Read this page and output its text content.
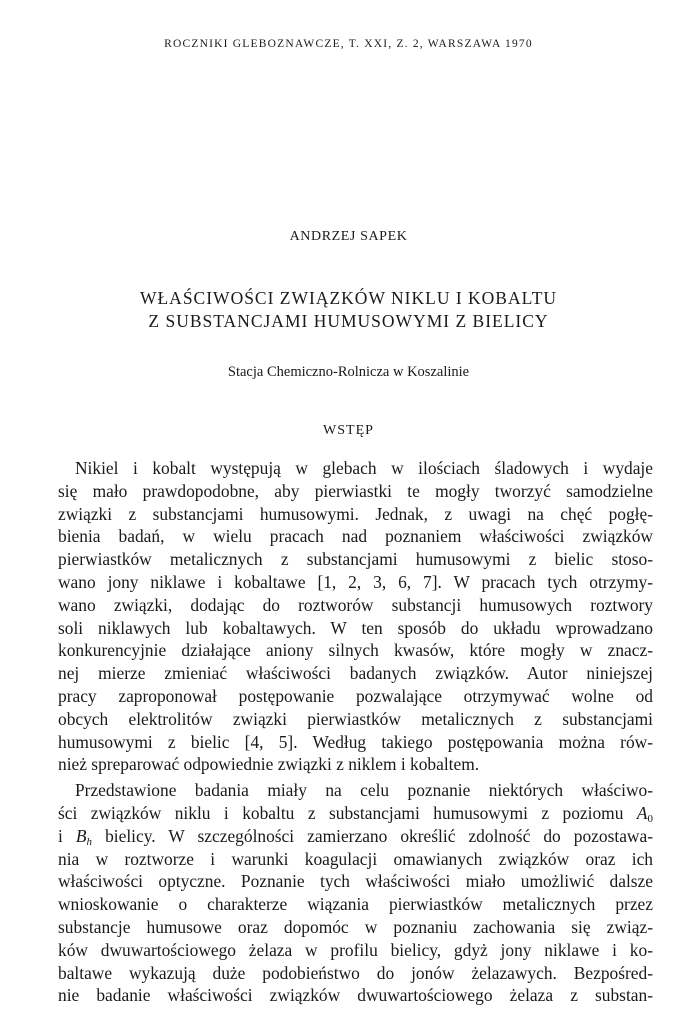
ROCZNIKI GLEBOZNAWCZE, T. XXI, Z. 2, WARSZAWA 1970
ANDRZEJ SAPEK
WŁAŚCIWOŚCI ZWIĄZKÓW NIKLU I KOBALTU
Z SUBSTANCJAMI HUMUSOWYMI Z BIELICY
Stacja Chemiczno-Rolnicza w Koszalinie
WSTĘP
Nikiel i kobalt występują w glebach w ilościach śladowych i wydaje
się mało prawdopodobne, aby pierwiastki te mogły tworzyć samodzielne
związki z substancjami humusowymi. Jednak, z uwagi na chęć pogłę-
bienia badań, w wielu pracach nad poznaniem właściwości związków
pierwiastków metalicznych z substancjami humusowymi z bielic stoso-
wano jony niklawe i kobaltawe [1, 2, 3, 6, 7]. W pracach tych otrzymy-
wano związki, dodając do roztworów substancji humusowych roztwory
soli niklawych lub kobaltawych. W ten sposób do układu wprowadzano
konkurencyjnie działające aniony silnych kwasów, które mogły w znacz-
nej mierze zmieniać właściwości badanych związków. Autor niniejszej
pracy zaproponował postępowanie pozwalające otrzymywać wolne od
obcych elektrolitów związki pierwiastków metalicznych z substancjami
humusowymi z bielic [4, 5]. Według takiego postępowania można rów-
nież spreparować odpowiednie związki z niklem i kobaltem.
Przedstawione badania miały na celu poznanie niektórych właściwo-
ści związków niklu i kobaltu z substancjami humusowymi z poziomu $A_0$
i $B_h$ bielicy. W szczególności zamierzano określić zdolność do pozostawa-
nia w roztworze i warunki koagulacji omawianych związków oraz ich
właściwości optyczne. Poznanie tych właściwości miało umożliwić dalsze
wnioskowanie o charakterze wiązania pierwiastków metalicznych przez
substancje humusowe oraz dopomóc w poznaniu zachowania się związ-
ków dwuwartościowego żelaza w profilu bielicy, gdyż jony niklawe i ko-
baltawe wykazują duże podobieństwo do jonów żelazawych. Bezpośred-
nie badanie właściwości związków dwuwartościowego żelaza z substan-
